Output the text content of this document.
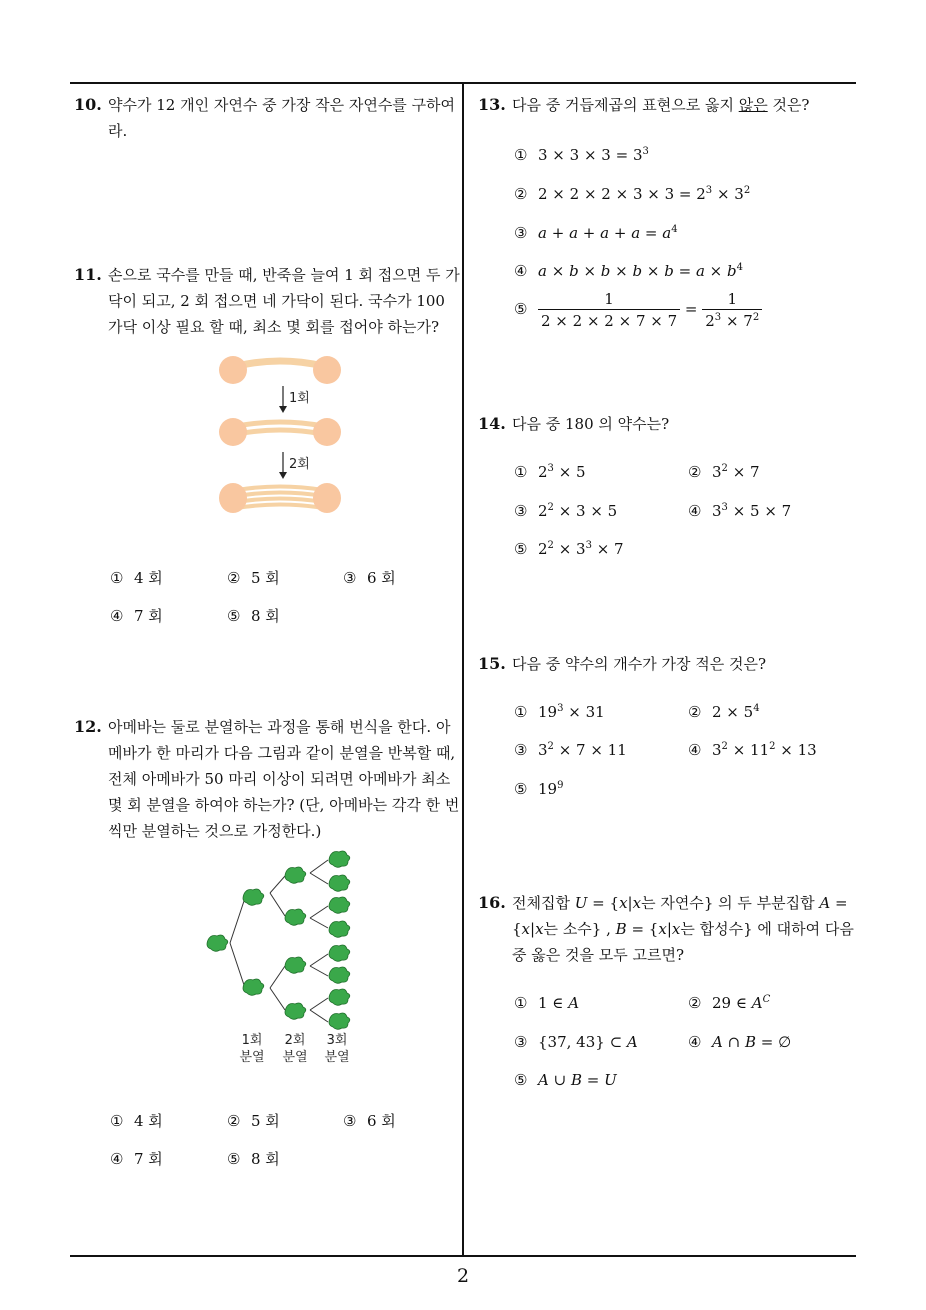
10. 약수가 12 개인 자연수 중 가장 작은 자연수를 구하여 라.
11. 손으로 국수를 만들 때, 반죽을 늘여 1 회 접으면 두 가닥이 되고, 2 회 접으면 네 가닥이 된다. 국수가 100 가닥 이상 필요 할 때, 최소 몇 회를 접어야 하는가?
1회
2회
① 4 회	② 5 회	③ 6 회
④ 7 회	⑤ 8 회
12. 아메바는 둘로 분열하는 과정을 통해 번식을 한다. 아메바가 한 마리가 다음 그림과 같이 분열을 반복할 때, 전체 아메바가 50 마리 이상이 되려면 아메바가 최소 몇 회 분열을 하여야 하는가? (단, 아메바는 각각 한 번씩만 분열하는 것으로 가정한다.)
1회
분열
2회
분열
3회
분열
① 4 회	② 5 회	③ 6 회
④ 7 회	⑤ 8 회
13. 다음 중 거듭제곱의 표현으로 옳지 않은 것은?
① $3 \times 3 \times 3 = 3^3$
② $2 \times 2 \times 2 \times 3 \times 3 = 2^3 \times 3^2$
③ $a + a + a + a = a^4$
④ $a \times b \times b \times b \times b = a \times b^4$
⑤ $\frac{1}{2 \times 2 \times 2 \times 7 \times 7} = \frac{1}{2^3 \times 7^2}$
14. 다음 중 180 의 약수는?
① $2^3 \times 5$	② $3^2 \times 7$
③ $2^2 \times 3 \times 5$	④ $3^3 \times 5 \times 7$
⑤ $2^2 \times 3^3 \times 7$
15. 다음 중 약수의 개수가 가장 적은 것은?
① $19^3 \times 31$	② $2 \times 5^4$
③ $3^2 \times 7 \times 11$	④ $3^2 \times 11^2 \times 13$
⑤ $19^9$
16. 전체집합 U = {x|x는 자연수} 의 두 부분집합 A = {x|x는 소수} , B = {x|x는 합성수} 에 대하여 다음 중 옳은 것을 모두 고르면?
① 1 ∈ A	② 29 ∈ $A^C$
③ {37, 43} ⊂ A	④ A ∩ B = ∅
⑤ A ∪ B = U
2
